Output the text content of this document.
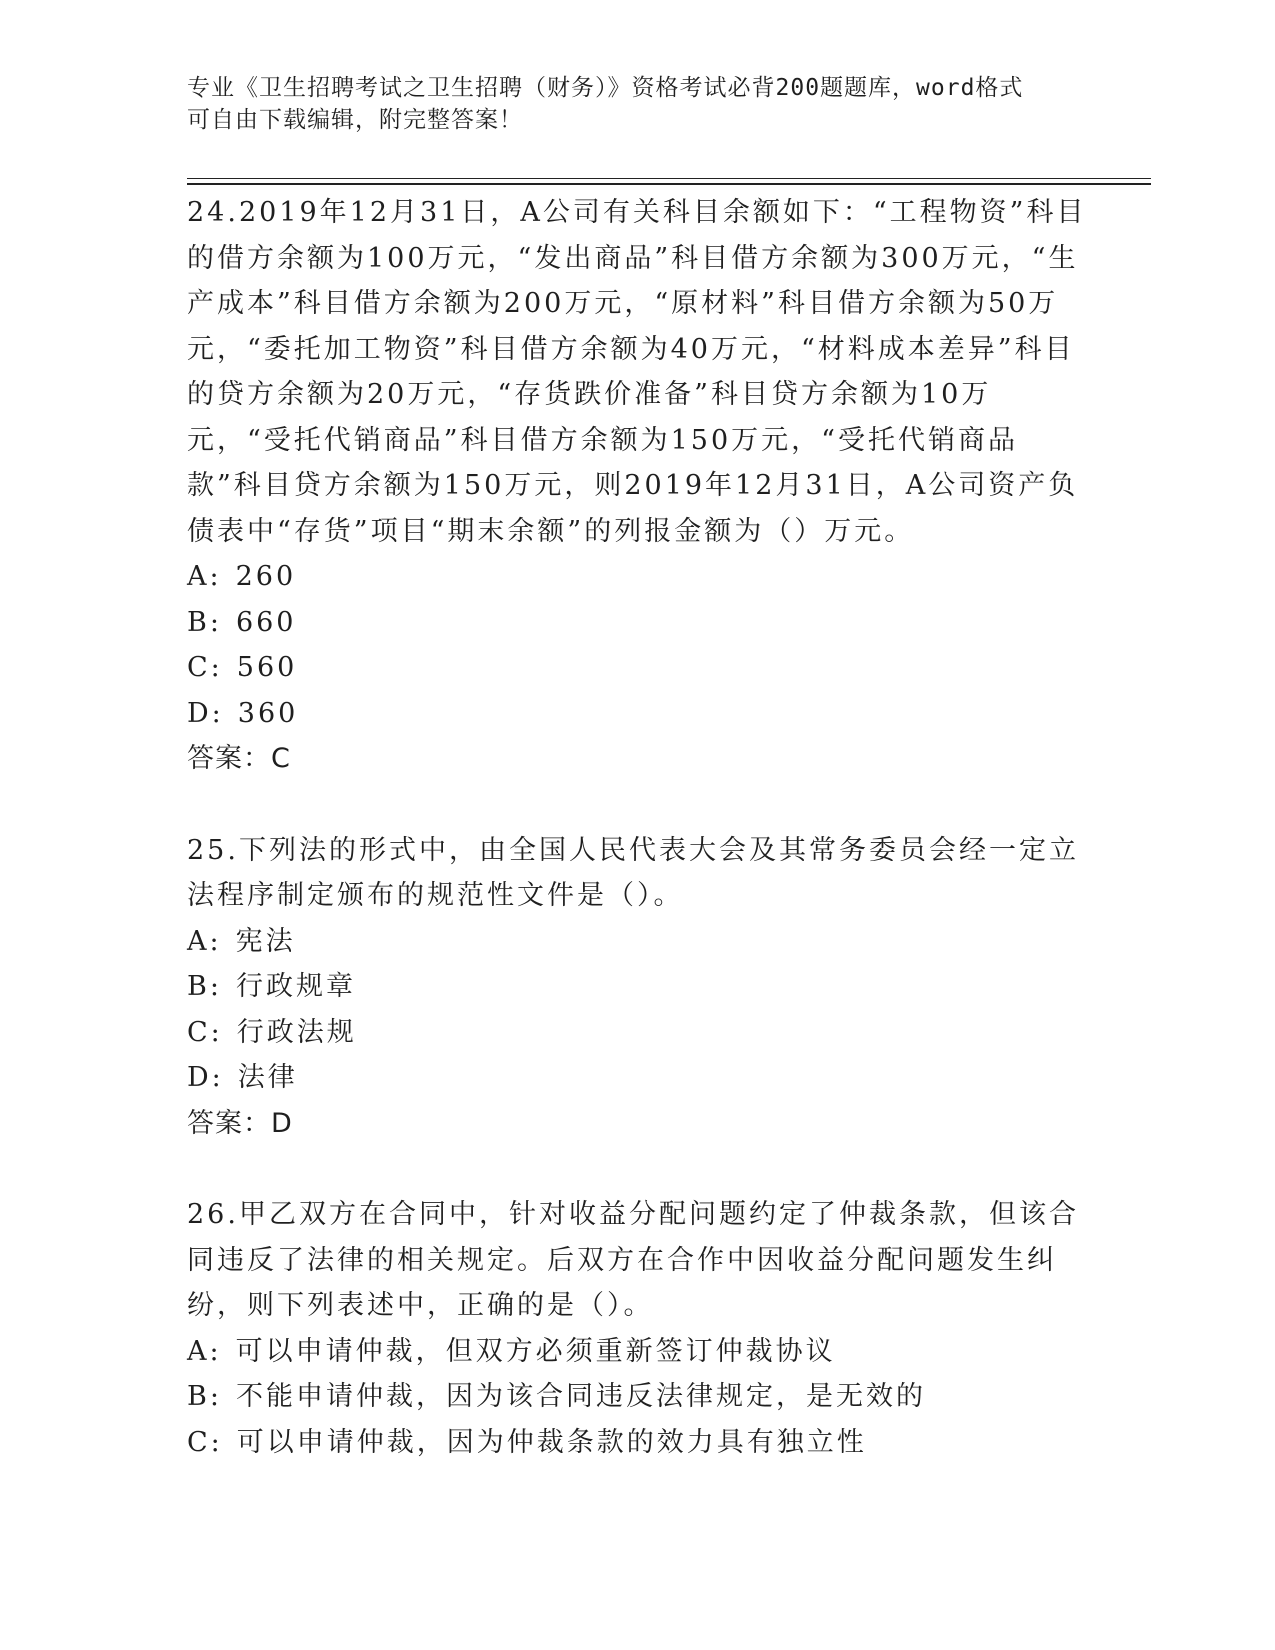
专业《卫生招聘考试之卫生招聘（财务）》资格考试必背200题题库，word格式
可自由下载编辑，附完整答案！

24.2019年12月31日，A公司有关科目余额如下：“工程物资”科目的借方余额为100万元，“发出商品”科目借方余额为300万元，“生产成本”科目借方余额为200万元，“原材料”科目借方余额为50万元，“委托加工物资”科目借方余额为40万元，“材料成本差异”科目的贷方余额为20万元，“存货跌价准备”科目贷方余额为10万元，“受托代销商品”科目借方余额为150万元，“受托代销商品款”科目贷方余额为150万元，则2019年12月31日，A公司资产负债表中“存货”项目“期末余额”的列报金额为（）万元。

A: 260

B: 660

C: 560

D: 360

答案：C

25.下列法的形式中，由全国人民代表大会及其常务委员会经一定立法程序制定颁布的规范性文件是（）。

A: 宪法

B: 行政规章

C: 行政法规

D: 法律

答案：D

26.甲乙双方在合同中，针对收益分配问题约定了仲裁条款，但该合同违反了法律的相关规定。后双方在合作中因收益分配问题发生纠纷，则下列表述中，正确的是（）。

A: 可以申请仲裁，但双方必须重新签订仲裁协议

B: 不能申请仲裁，因为该合同违反法律规定，是无效的

C: 可以申请仲裁，因为仲裁条款的效力具有独立性
